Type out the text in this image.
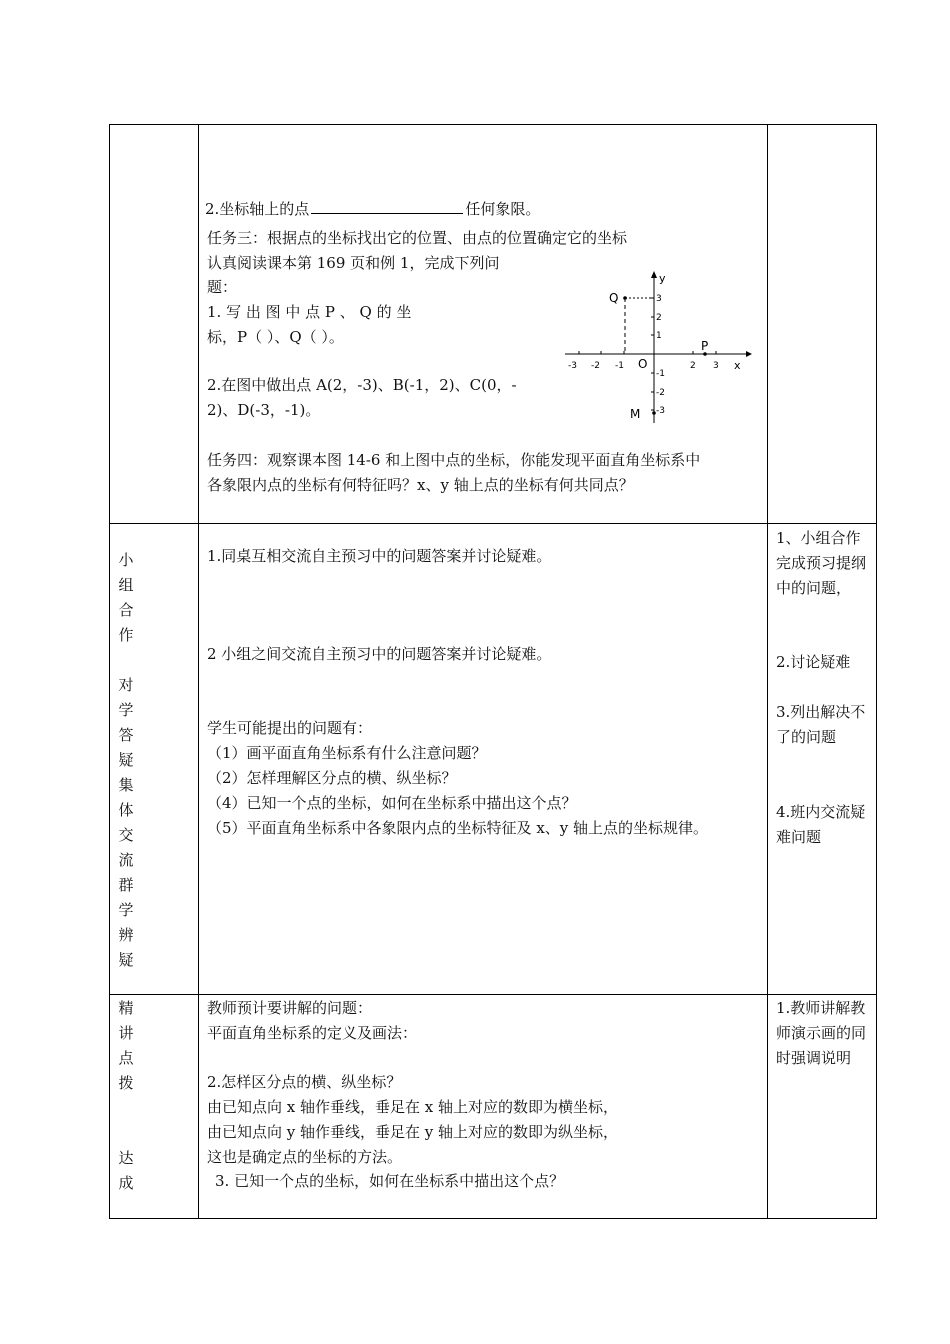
2.坐标轴上的点	任何象限。
任务三：根据点的坐标找出它的位置、由点的位置确定它的坐标
认真阅读课本第 169 页和例 1，完成下列问
题：
1. 写 出 图 中 点 P 、 Q 的 坐
标，P（ ）、Q（ ）。
2.在图中做出点 A(2，-3)、B(-1，2)、C(0，-
2)、D(-3，-1)。
任务四：观察课本图 14-6 和上图中点的坐标，你能发现平面直角坐标系中
各象限内点的坐标有何特征吗？x、y 轴上点的坐标有何共同点？
y
x
O
-3 -2 -1	2 3
3
2
1
-1
-2
-3
Q
P
M
小
组
合
作
对
学
答
疑
集
体
交
流
群
学
辨
疑
1.同桌互相交流自主预习中的问题答案并讨论疑难。
2 小组之间交流自主预习中的问题答案并讨论疑难。
学生可能提出的问题有：
（1）画平面直角坐标系有什么注意问题？
（2）怎样理解区分点的横、纵坐标？
（4）已知一个点的坐标，如何在坐标系中描出这个点？
（5）平面直角坐标系中各象限内点的坐标特征及 x、y 轴上点的坐标规律。
1、小组合作完成预习提纲中的问题，
2.讨论疑难
3.列出解决不了的问题
4.班内交流疑难问题
精
讲
点
拨
达
成
教师预计要讲解的问题：
平面直角坐标系的定义及画法：
2.怎样区分点的横、纵坐标？
由已知点向 x 轴作垂线，垂足在 x 轴上对应的数即为横坐标，
由已知点向 y 轴作垂线，垂足在 y 轴上对应的数即为纵坐标，
这也是确定点的坐标的方法。
3. 已知一个点的坐标，如何在坐标系中描出这个点？
1.教师讲解教师演示画的同时强调说明
